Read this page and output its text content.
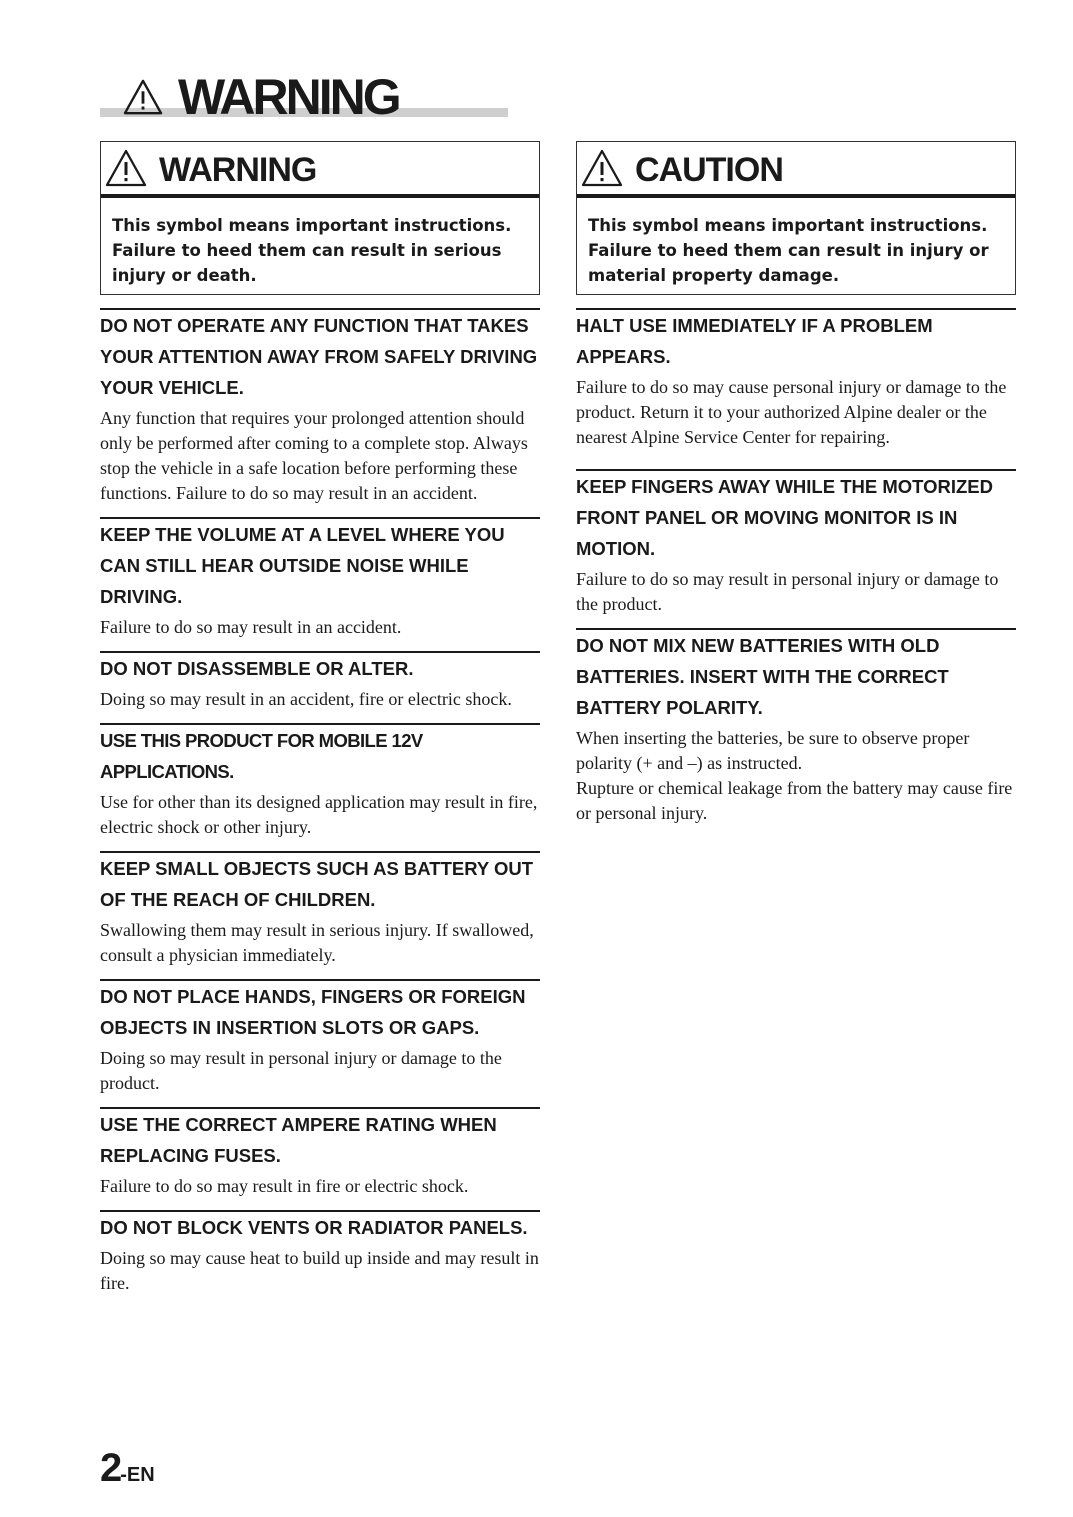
WARNING
WARNING
This symbol means important instructions. Failure to heed them can result in serious injury or death.

DO NOT OPERATE ANY FUNCTION THAT TAKES YOUR ATTENTION AWAY FROM SAFELY DRIVING YOUR VEHICLE.

Any function that requires your prolonged attention should only be performed after coming to a complete stop. Always stop the vehicle in a safe location before performing these functions. Failure to do so may result in an accident.

KEEP THE VOLUME AT A LEVEL WHERE YOU CAN STILL HEAR OUTSIDE NOISE WHILE DRIVING.

Failure to do so may result in an accident.

DO NOT DISASSEMBLE OR ALTER.

Doing so may result in an accident, fire or electric shock.

USE THIS PRODUCT FOR MOBILE 12V APPLICATIONS.

Use for other than its designed application may result in fire, electric shock or other injury.

KEEP SMALL OBJECTS SUCH AS BATTERY OUT OF THE REACH OF CHILDREN.

Swallowing them may result in serious injury. If swallowed, consult a physician immediately.

DO NOT PLACE HANDS, FINGERS OR FOREIGN OBJECTS IN INSERTION SLOTS OR GAPS.

Doing so may result in personal injury or damage to the product.

USE THE CORRECT AMPERE RATING WHEN REPLACING FUSES.

Failure to do so may result in fire or electric shock.

DO NOT BLOCK VENTS OR RADIATOR PANELS.

Doing so may cause heat to build up inside and may result in fire.
CAUTION
This symbol means important instructions. Failure to heed them can result in injury or material property damage.

HALT USE IMMEDIATELY IF A PROBLEM APPEARS.

Failure to do so may cause personal injury or damage to the product. Return it to your authorized Alpine dealer or the nearest Alpine Service Center for repairing.

KEEP FINGERS AWAY WHILE THE MOTORIZED FRONT PANEL OR MOVING MONITOR IS IN MOTION.

Failure to do so may result in personal injury or damage to the product.

DO NOT MIX NEW BATTERIES WITH OLD BATTERIES. INSERT WITH THE CORRECT BATTERY POLARITY.

When inserting the batteries, be sure to observe proper polarity (+ and –) as instructed.
Rupture or chemical leakage from the battery may cause fire or personal injury.
2-EN
